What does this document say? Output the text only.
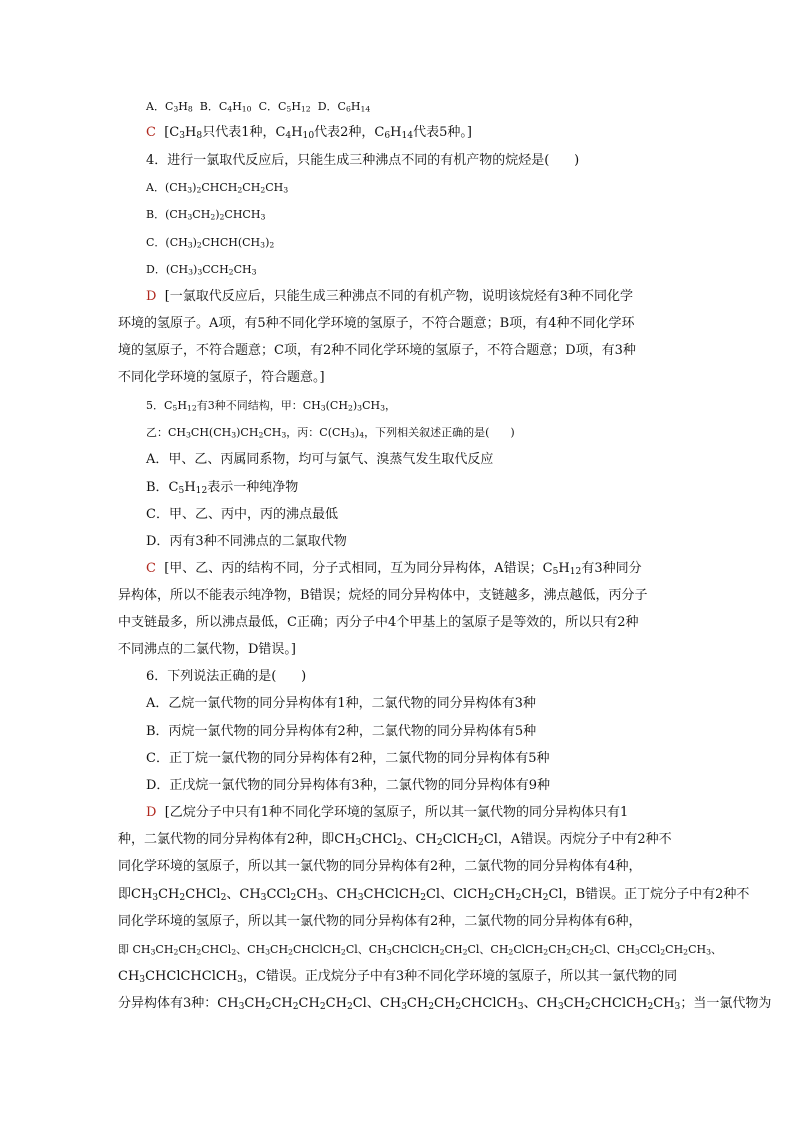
A．$C_3H_8$  B．$C_4H_{10}$  C．$C_5H_{12}$  D．$C_6H_{14}$
C  [$C_3H_8$只代表1种，$C_4H_{10}$代表2种，$C_6H_{14}$代表5种。]
4．进行一氯取代反应后，只能生成三种沸点不同的有机产物的烷烃是(      )
A．$(CH_3)_2CHCH_2CH_2CH_3$
B．$(CH_3CH_2)_2CHCH_3$
C．$(CH_3)_2CHCH(CH_3)_2$
D．$(CH_3)_3CCH_2CH_3$
D  [一氯取代反应后，只能生成三种沸点不同的有机产物，说明该烷烃有3种不同化学
环境的氢原子。A项，有5种不同化学环境的氢原子，不符合题意；B项，有4种不同化学环
境的氢原子，不符合题意；C项，有2种不同化学环境的氢原子，不符合题意；D项，有3种
不同化学环境的氢原子，符合题意。]
5．$C_5H_{12}$有3种不同结构，甲：$CH_3(CH_2)_3CH_3$，
乙：$CH_3CH(CH_3)CH_2CH_3$，丙：$C(CH_3)_4$，下列相关叙述正确的是(      )
A．甲、乙、丙属同系物，均可与氯气、溴蒸气发生取代反应
B．$C_5H_{12}$表示一种纯净物
C．甲、乙、丙中，丙的沸点最低
D．丙有3种不同沸点的二氯取代物
C  [甲、乙、丙的结构不同，分子式相同，互为同分异构体，A错误；$C_5H_{12}$有3种同分
异构体，所以不能表示纯净物，B错误；烷烃的同分异构体中，支链越多，沸点越低，丙分子
中支链最多，所以沸点最低，C正确；丙分子中4个甲基上的氢原子是等效的，所以只有2种
不同沸点的二氯代物，D错误。]
6．下列说法正确的是(      )
A．乙烷一氯代物的同分异构体有1种，二氯代物的同分异构体有3种
B．丙烷一氯代物的同分异构体有2种，二氯代物的同分异构体有5种
C．正丁烷一氯代物的同分异构体有2种，二氯代物的同分异构体有5种
D．正戊烷一氯代物的同分异构体有3种，二氯代物的同分异构体有9种
D  [乙烷分子中只有1种不同化学环境的氢原子，所以其一氯代物的同分异构体只有1
种，二氯代物的同分异构体有2种，即$CH_3CHCl_2$、$CH_2ClCH_2Cl$，A错误。丙烷分子中有2种不
同化学环境的氢原子，所以其一氯代物的同分异构体有2种，二氯代物的同分异构体有4种，
即$CH_3CH_2CHCl_2$、$CH_3CCl_2CH_3$、$CH_3CHClCH_2Cl$、$ClCH_2CH_2CH_2Cl$，B错误。正丁烷分子中有2种不
同化学环境的氢原子，所以其一氯代物的同分异构体有2种，二氯代物的同分异构体有6种，
即 $CH_3CH_2CH_2CHCl_2$、$CH_3CH_2CHClCH_2Cl$、$CH_3CHClCH_2CH_2Cl$、$CH_2ClCH_2CH_2CH_2Cl$、$CH_3CCl_2CH_2CH_3$、
$CH_3CHClCHClCH_3$，C错误。正戊烷分子中有3种不同化学环境的氢原子，所以其一氯代物的同
分异构体有3种：$CH_3CH_2CH_2CH_2CH_2Cl$、$CH_3CH_2CH_2CHClCH_3$、$CH_3CH_2CHClCH_2CH_3$；当一氯代物为
